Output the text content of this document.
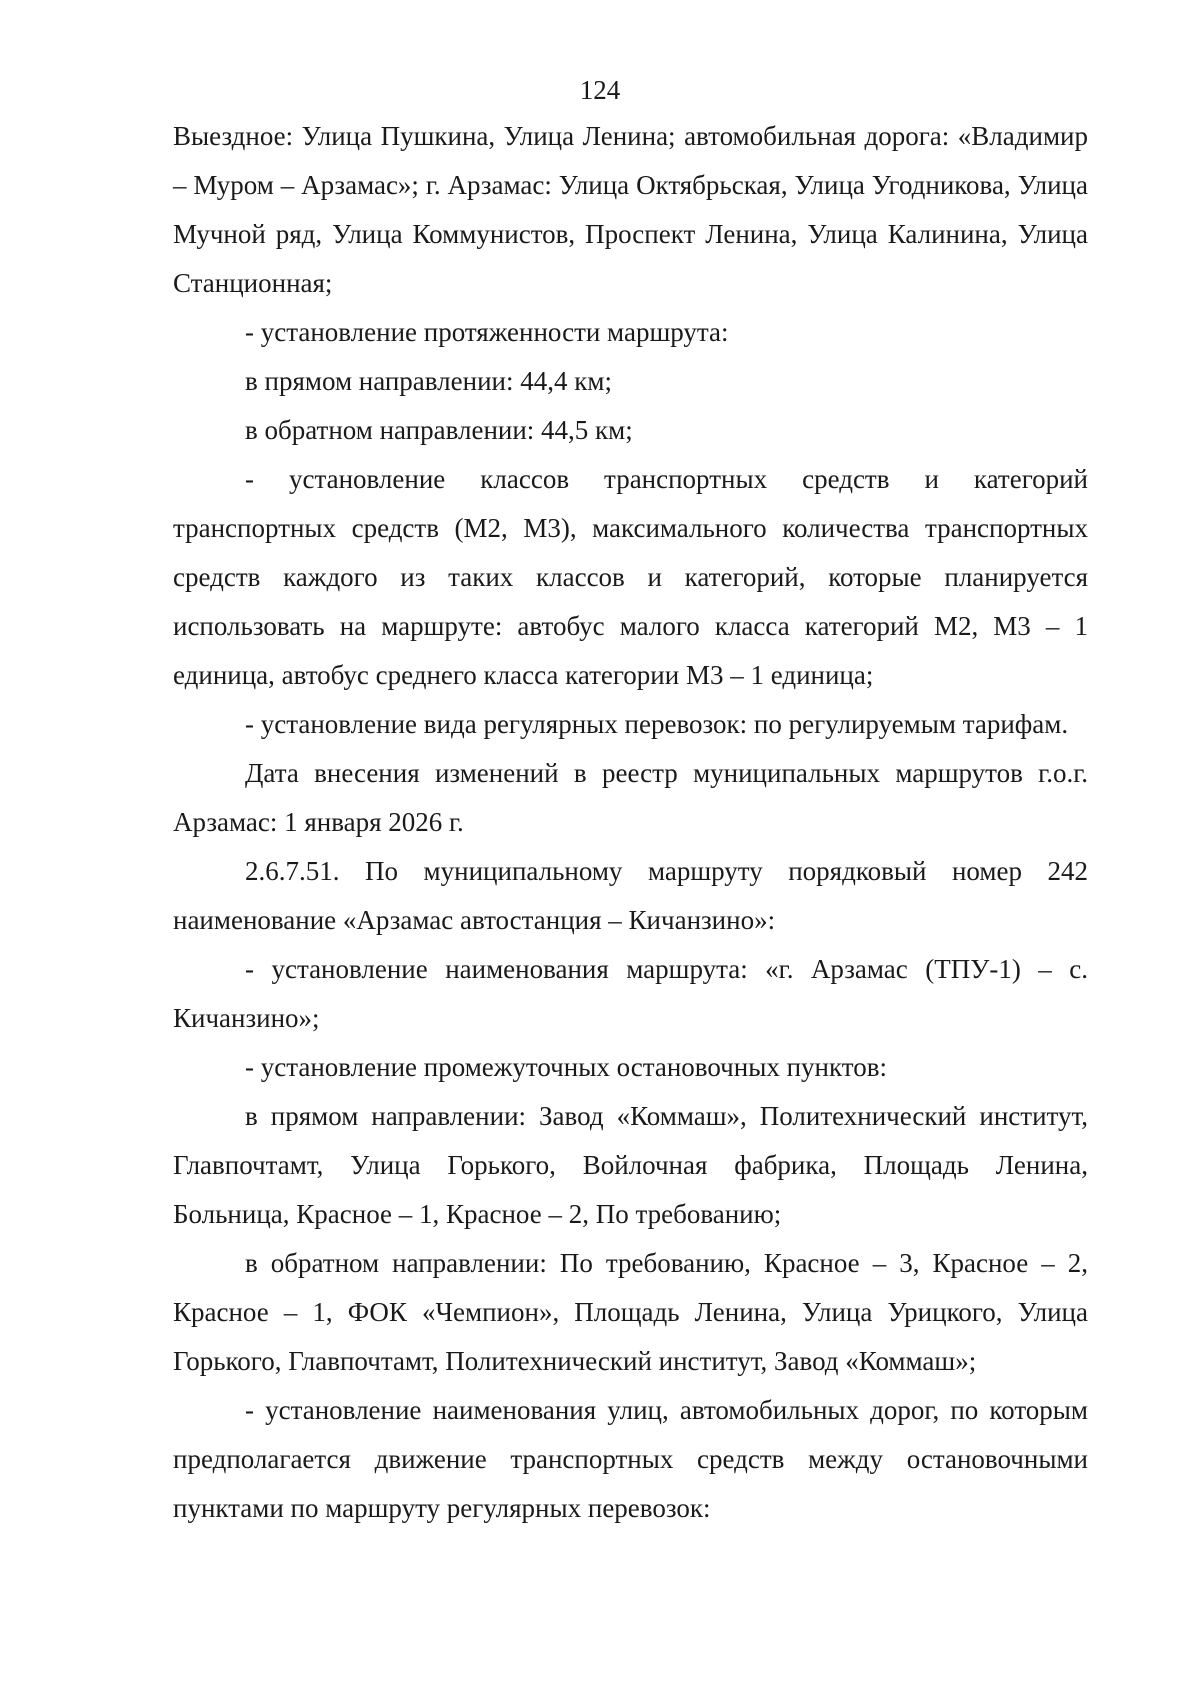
124

Выездное: Улица Пушкина, Улица Ленина; автомобильная дорога: «Владимир – Муром – Арзамас»; г. Арзамас: Улица Октябрьская, Улица Угодникова, Улица Мучной ряд, Улица Коммунистов, Проспект Ленина, Улица Калинина, Улица Станционная;

- установление протяженности маршрута:

в прямом направлении: 44,4 км;

в обратном направлении: 44,5 км;

- установление классов транспортных средств и категорий транспортных средств (М2, М3), максимального количества транспортных средств каждого из таких классов и категорий, которые планируется использовать на маршруте: автобус малого класса категорий М2, М3 – 1 единица, автобус среднего класса категории М3 – 1 единица;

- установление вида регулярных перевозок: по регулируемым тарифам.

Дата внесения изменений в реестр муниципальных маршрутов г.о.г. Арзамас: 1 января 2026 г.

2.6.7.51. По муниципальному маршруту порядковый номер 242 наименование «Арзамас автостанция – Кичанзино»:

- установление наименования маршрута: «г. Арзамас (ТПУ-1) – с. Кичанзино»;

- установление промежуточных остановочных пунктов:

в прямом направлении: Завод «Коммаш», Политехнический институт, Главпочтамт, Улица Горького, Войлочная фабрика, Площадь Ленина, Больница, Красное – 1, Красное – 2, По требованию;

в обратном направлении: По требованию, Красное – 3, Красное – 2, Красное – 1, ФОК «Чемпион», Площадь Ленина, Улица Урицкого, Улица Горького, Главпочтамт, Политехнический институт, Завод «Коммаш»;

- установление наименования улиц, автомобильных дорог, по которым предполагается движение транспортных средств между остановочными пунктами по маршруту регулярных перевозок:
